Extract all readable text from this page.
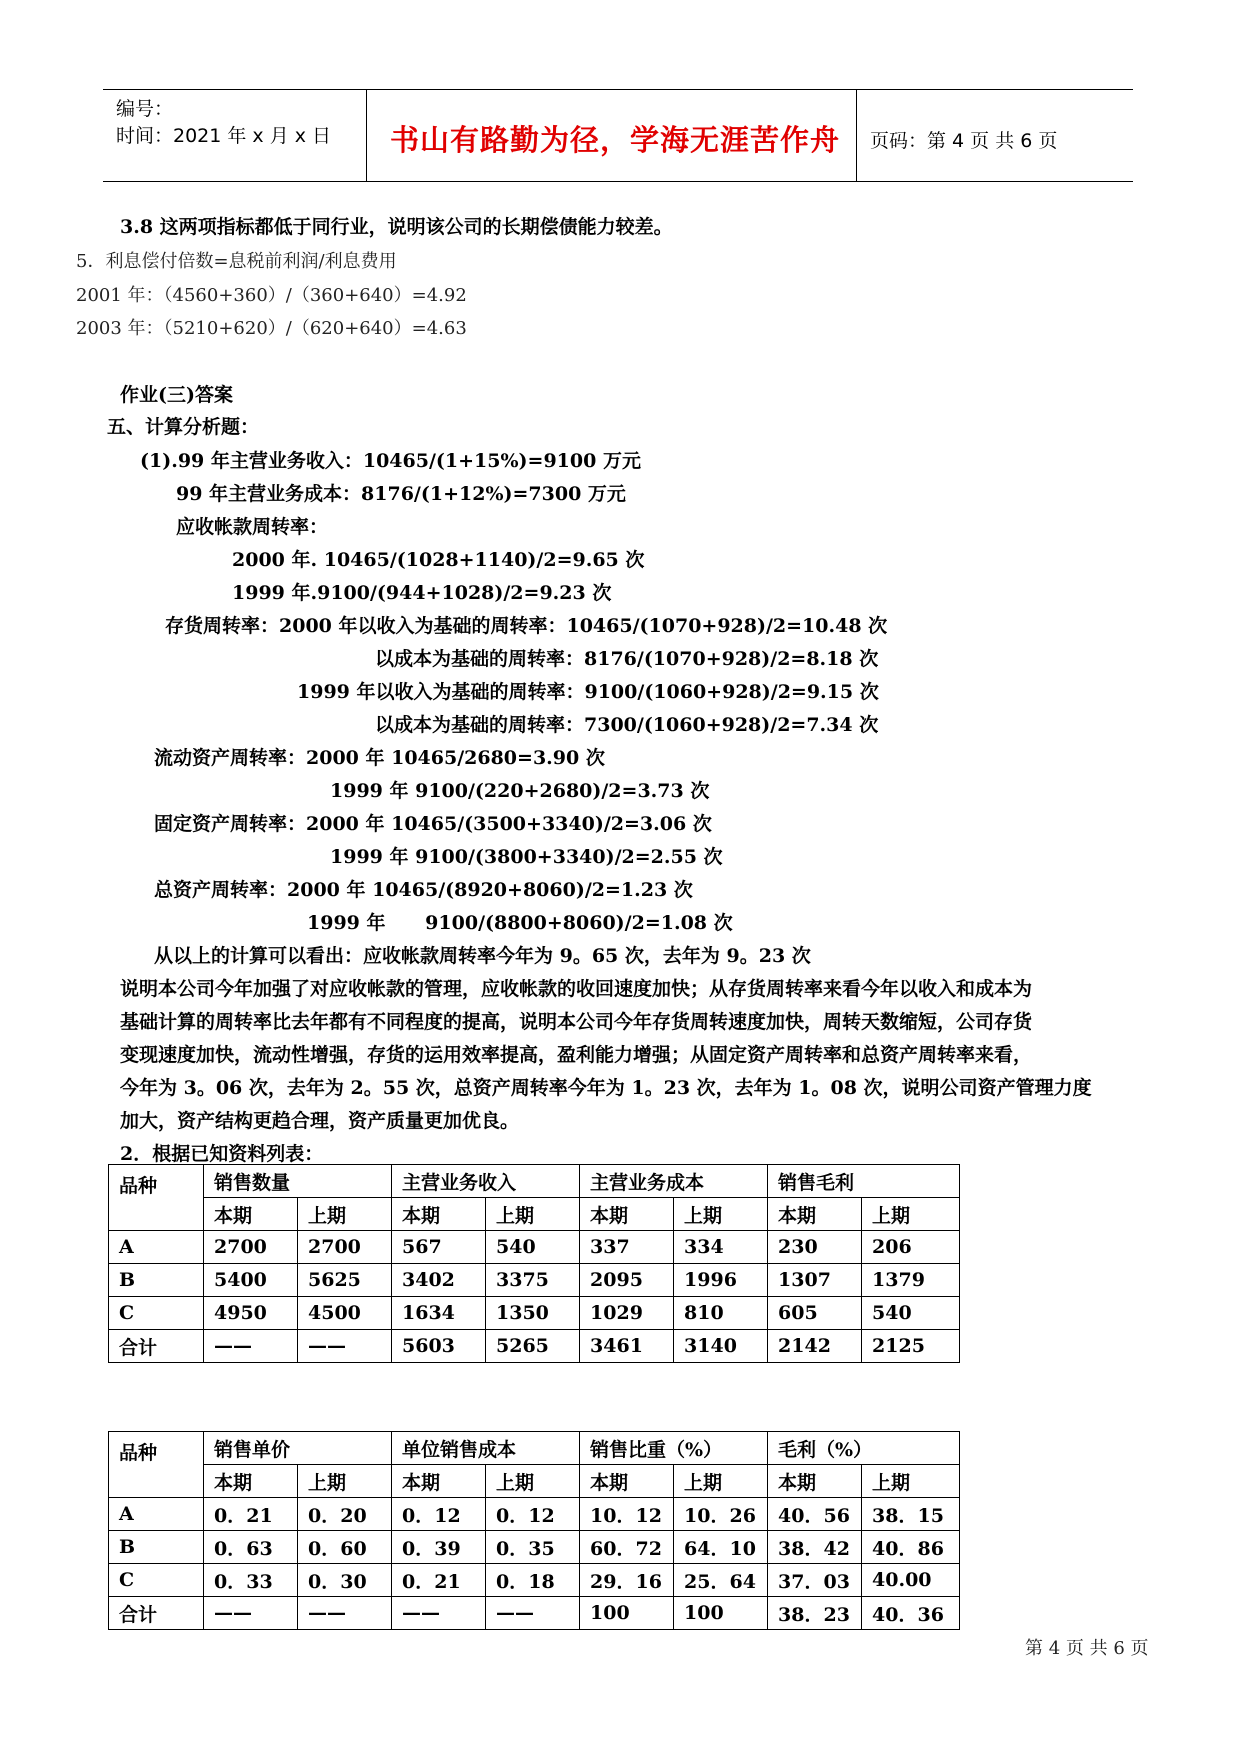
编号：
时间：2021 年 x 月 x 日 书山有路勤为径，学海无涯苦作舟 页码：第 4 页 共 6 页
3.8 这两项指标都低于同行业，说明该公司的长期偿债能力较差。
5．利息偿付倍数=息税前利润/利息费用
2001 年：（4560+360）/（360+640）=4.92
2003 年：（5210+620）/（620+640）=4.63
作业(三)答案
五、计算分析题：
(1).99 年主营业务收入：10465/(1+15%)=9100 万元
99 年主营业务成本：8176/(1+12%)=7300 万元
应收帐款周转率：
2000 年. 10465/(1028+1140)/2=9.65 次
1999 年.9100/(944+1028)/2=9.23 次
存货周转率：2000 年以收入为基础的周转率：10465/(1070+928)/2=10.48 次
以成本为基础的周转率：8176/(1070+928)/2=8.18 次
1999 年以收入为基础的周转率：9100/(1060+928)/2=9.15 次
以成本为基础的周转率：7300/(1060+928)/2=7.34 次
流动资产周转率：2000 年 10465/2680=3.90 次
1999 年 9100/(220+2680)/2=3.73 次
固定资产周转率：2000 年 10465/(3500+3340)/2=3.06 次
1999 年 9100/(3800+3340)/2=2.55 次
总资产周转率：2000 年 10465/(8920+8060)/2=1.23 次
1999 年      9100/(8800+8060)/2=1.08 次
从以上的计算可以看出：应收帐款周转率今年为 9。65 次，去年为 9。23 次
说明本公司今年加强了对应收帐款的管理，应收帐款的收回速度加快；从存货周转率来看今年以收入和成本为
基础计算的周转率比去年都有不同程度的提高，说明本公司今年存货周转速度加快，周转天数缩短，公司存货
变现速度加快，流动性增强，存货的运用效率提高，盈利能力增强；从固定资产周转率和总资产周转率来看，
今年为 3。06 次，去年为 2。55 次，总资产周转率今年为 1。23 次，去年为 1。08 次，说明公司资产管理力度
加大，资产结构更趋合理，资产质量更加优良。
2．根据已知资料列表：
品种	销售数量		主营业务收入		主营业务成本		销售毛利	
	本期	上期	本期	上期	本期	上期	本期	上期
A	2700	2700	567	540	337	334	230	206
B	5400	5625	3402	3375	2095	1996	1307	1379
C	4950	4500	1634	1350	1029	810	605	540
合计	——	——	5603	5265	3461	3140	2142	2125
品种	销售单价		单位销售成本		销售比重（%）		毛利（%）	
	本期	上期	本期	上期	本期	上期	本期	上期
A	0．21	0．20	0．12	0．12	10．12	10．26	40．56	38．15
B	0．63	0．60	0．39	0．35	60．72	64．10	38．42	40．86
C	0．33	0．30	0．21	0．18	29．16	25．64	37．03	40.00
合计	——	——	——	——	100	100	38．23	40．36
第 4 页 共 6 页
